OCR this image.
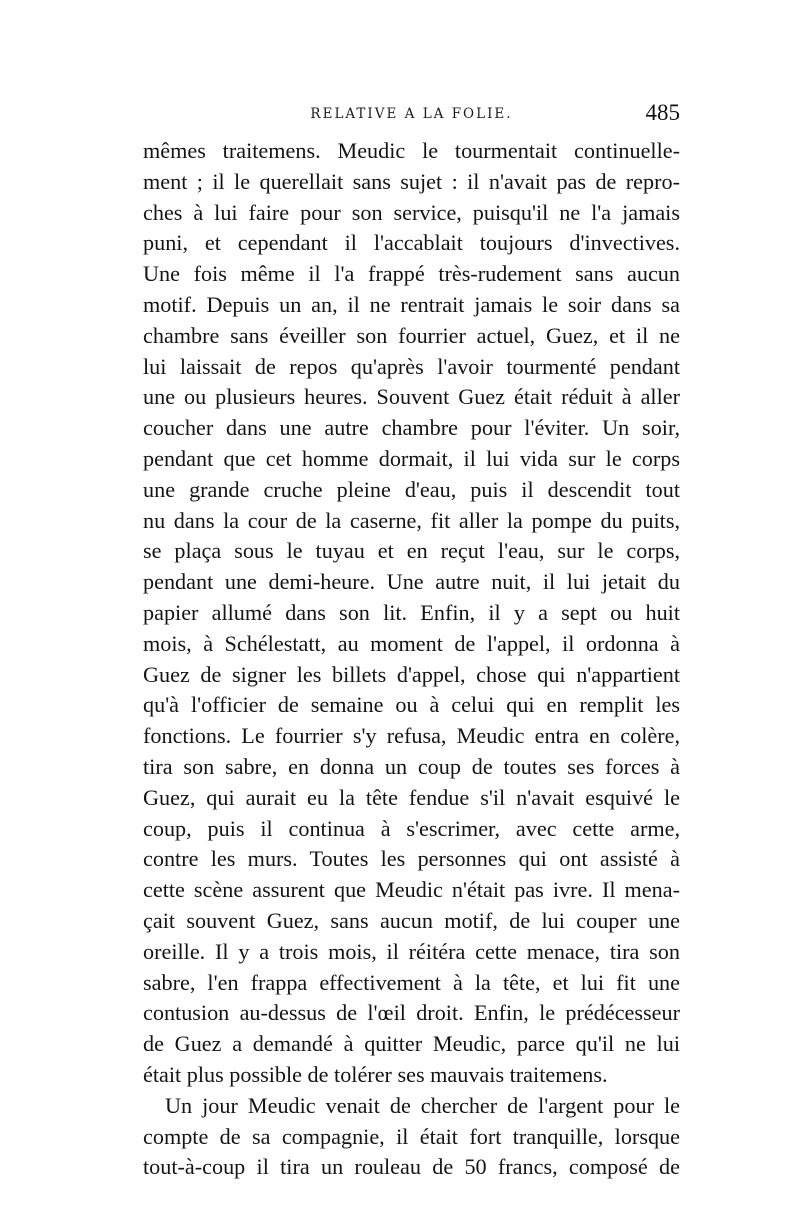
RELATIVE A LA FOLIE.	485
mêmes traitemens. Meudic le tourmentait continuelle-
ment ; il le querellait sans sujet : il n'avait pas de repro-
ches à lui faire pour son service, puisqu'il ne l'a jamais
puni, et cependant il l'accablait toujours d'invectives.
Une fois même il l'a frappé très-rudement sans aucun
motif. Depuis un an, il ne rentrait jamais le soir dans sa
chambre sans éveiller son fourrier actuel, Guez, et il ne
lui laissait de repos qu'après l'avoir tourmenté pendant
une ou plusieurs heures. Souvent Guez était réduit à aller
coucher dans une autre chambre pour l'éviter. Un soir,
pendant que cet homme dormait, il lui vida sur le corps
une grande cruche pleine d'eau, puis il descendit tout
nu dans la cour de la caserne, fit aller la pompe du puits,
se plaça sous le tuyau et en reçut l'eau, sur le corps,
pendant une demi-heure. Une autre nuit, il lui jetait du
papier allumé dans son lit. Enfin, il y a sept ou huit
mois, à Schélestatt, au moment de l'appel, il ordonna à
Guez de signer les billets d'appel, chose qui n'appartient
qu'à l'officier de semaine ou à celui qui en remplit les
fonctions. Le fourrier s'y refusa, Meudic entra en colère,
tira son sabre, en donna un coup de toutes ses forces à
Guez, qui aurait eu la tête fendue s'il n'avait esquivé le
coup, puis il continua à s'escrimer, avec cette arme,
contre les murs. Toutes les personnes qui ont assisté à
cette scène assurent que Meudic n'était pas ivre. Il mena-
çait souvent Guez, sans aucun motif, de lui couper une
oreille. Il y a trois mois, il réitéra cette menace, tira son
sabre, l'en frappa effectivement à la tête, et lui fit une
contusion au-dessus de l'œil droit. Enfin, le prédécesseur
de Guez a demandé à quitter Meudic, parce qu'il ne lui
était plus possible de tolérer ses mauvais traitemens.
Un jour Meudic venait de chercher de l'argent pour le
compte de sa compagnie, il était fort tranquille, lorsque
tout-à-coup il tira un rouleau de 50 francs, composé de
